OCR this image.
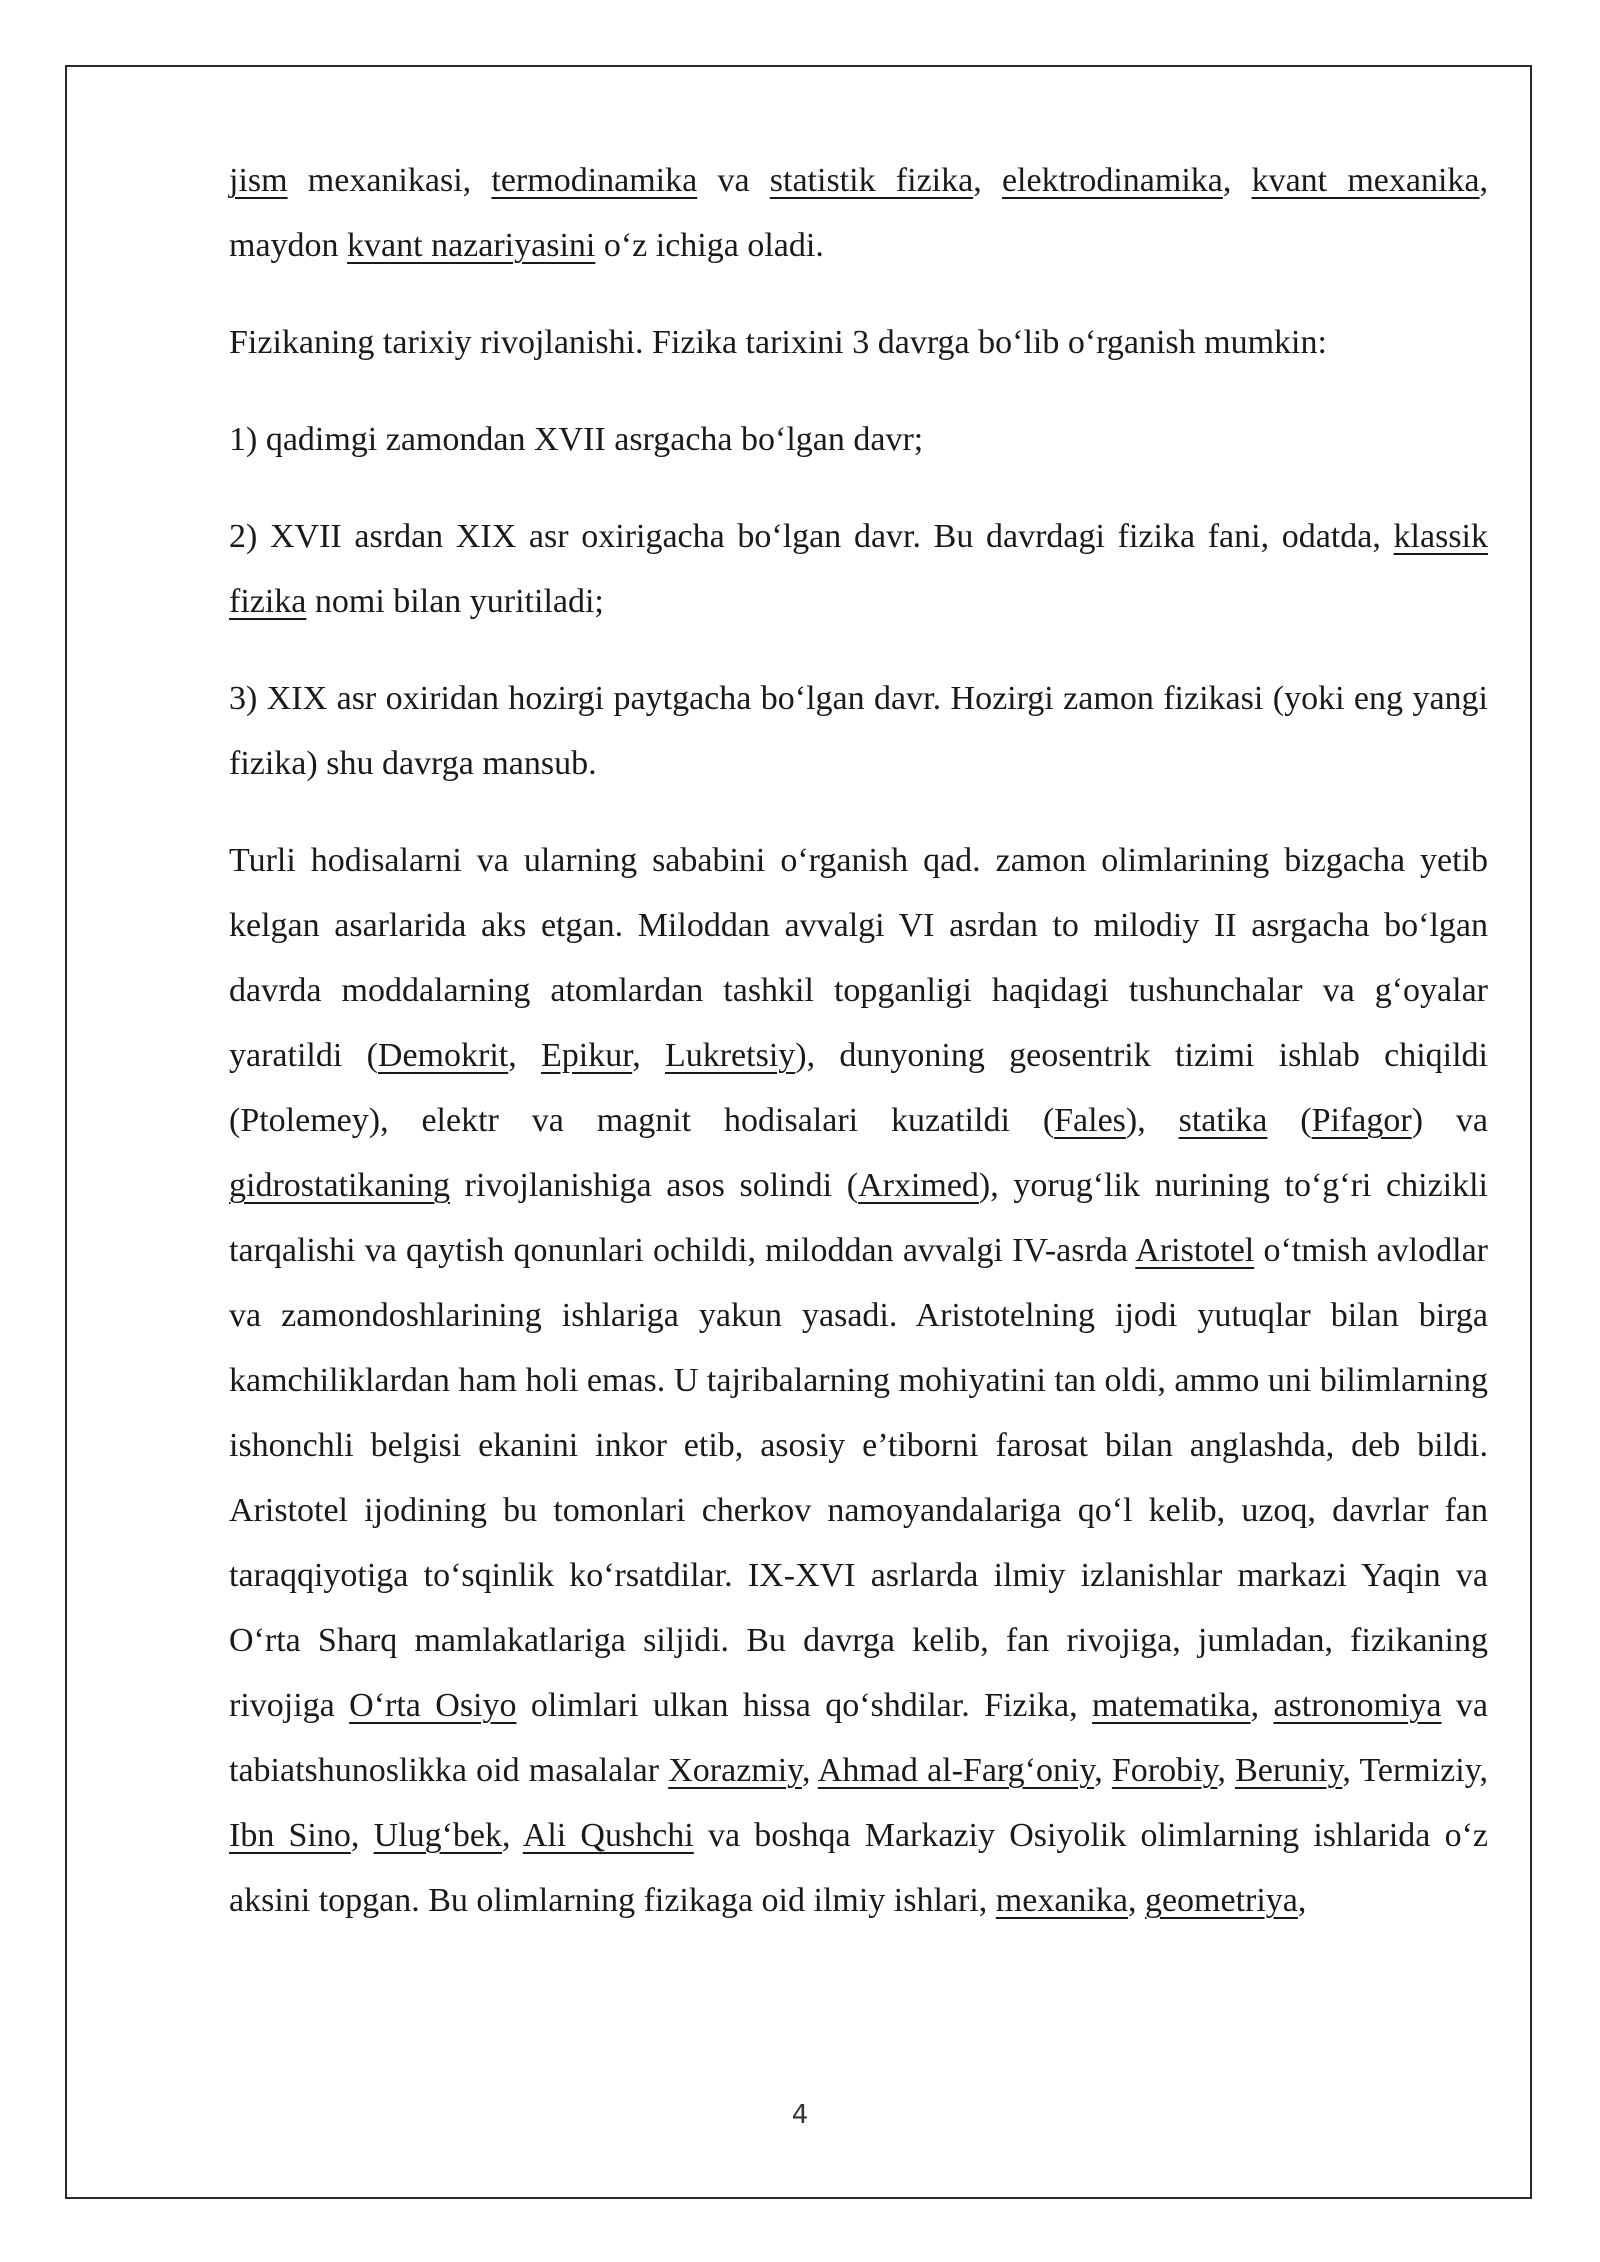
jism mexanikasi, termodinamika va statistik fizika, elektrodinamika, kvant mexanika, maydon kvant nazariyasini o‘z ichiga oladi.

Fizikaning tarixiy rivojlanishi. Fizika tarixini 3 davrga bo‘lib o‘rganish mumkin:

1) qadimgi zamondan XVII asrgacha bo‘lgan davr;

2) XVII asrdan XIX asr oxirigacha bo‘lgan davr. Bu davrdagi fizika fani, odatda, klassik fizika nomi bilan yuritiladi;

3) XIX asr oxiridan hozirgi paytgacha bo‘lgan davr. Hozirgi zamon fizikasi (yoki eng yangi fizika) shu davrga mansub.

Turli hodisalarni va ularning sababini o‘rganish qad. zamon olimlarining bizgacha yetib kelgan asarlarida aks etgan. Miloddan avvalgi VI asrdan to milodiy II asrgacha bo‘lgan davrda moddalarning atomlardan tashkil topganligi haqidagi tushunchalar va g‘oyalar yaratildi (Demokrit, Epikur, Lukretsiy), dunyoning geosentrik tizimi ishlab chiqildi (Ptolemey), elektr va magnit hodisalari kuzatildi (Fales), statika (Pifagor) va gidrostatikaning rivojlanishiga asos solindi (Arximed), yorug‘lik nurining to‘g‘ri chizikli tarqalishi va qaytish qonunlari ochildi, miloddan avvalgi IV-asrda Aristotel o‘tmish avlodlar va zamondoshlarining ishlariga yakun yasadi. Aristotelning ijodi yutuqlar bilan birga kamchiliklardan ham holi emas. U tajribalarning mohiyatini tan oldi, ammo uni bilimlarning ishonchli belgisi ekanini inkor etib, asosiy e’tiborni farosat bilan anglashda, deb bildi. Aristotel ijodining bu tomonlari cherkov namoyandalariga qo‘l kelib, uzoq, davrlar fan taraqqiyotiga to‘sqinlik ko‘rsatdilar. IX-XVI asrlarda ilmiy izlanishlar markazi Yaqin va O‘rta Sharq mamlakatlariga siljidi. Bu davrga kelib, fan rivojiga, jumladan, fizikaning rivojiga O‘rta Osiyo olimlari ulkan hissa qo‘shdilar. Fizika, matematika, astronomiya va tabiatshunoslikka oid masalalar Xorazmiy, Ahmad al-Farg‘oniy, Forobiy, Beruniy, Termiziy, Ibn Sino, Ulug‘bek, Ali Qushchi va boshqa Markaziy Osiyolik olimlarning ishlarida o‘z aksini topgan. Bu olimlarning fizikaga oid ilmiy ishlari, mexanika, geometriya,

4
